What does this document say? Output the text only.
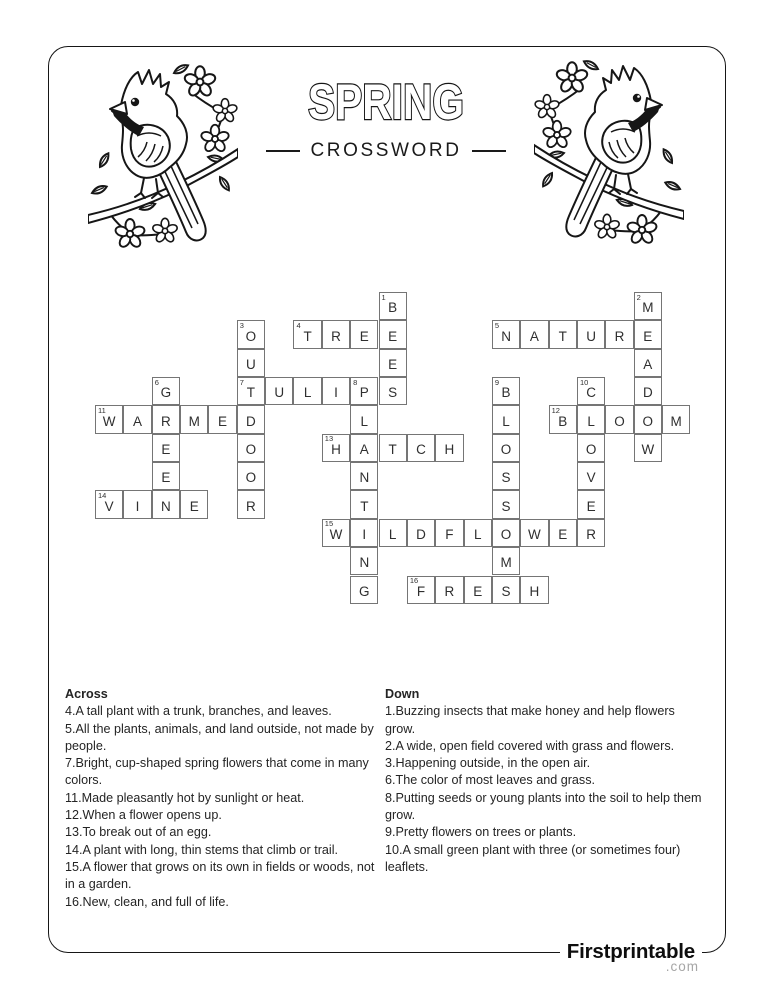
SPRING
CROSSWORD
1
B
2
M
3
O
4
T R E E
5
N A T U R E
U	E	A
6
G
7
T U L I
8
P S
9
B
10
C	D
11
W A R M E D	L	L
12
B L O O M
E	O
13
H A T C H	O	O	W
E	O	N	S	V
14
V I N E	R	T	S	E
15
W I L D F L O W E R
N	M
G
16
F R E S H
Across
4.A tall plant with a trunk, branches, and leaves.
5.All the plants, animals, and land outside, not made by people.
7.Bright, cup-shaped spring flowers that come in many colors.
11.Made pleasantly hot by sunlight or heat.
12.When a flower opens up.
13.To break out of an egg.
14.A plant with long, thin stems that climb or trail.
15.A flower that grows on its own in fields or woods, not in a garden.
16.New, clean, and full of life.
Down
1.Buzzing insects that make honey and help flowers grow.
2.A wide, open field covered with grass and flowers.
3.Happening outside, in the open air.
6.The color of most leaves and grass.
8.Putting seeds or young plants into the soil to help them grow.
9.Pretty flowers on trees or plants.
10.A small green plant with three (or sometimes four) leaflets.
Firstprintable
.com
